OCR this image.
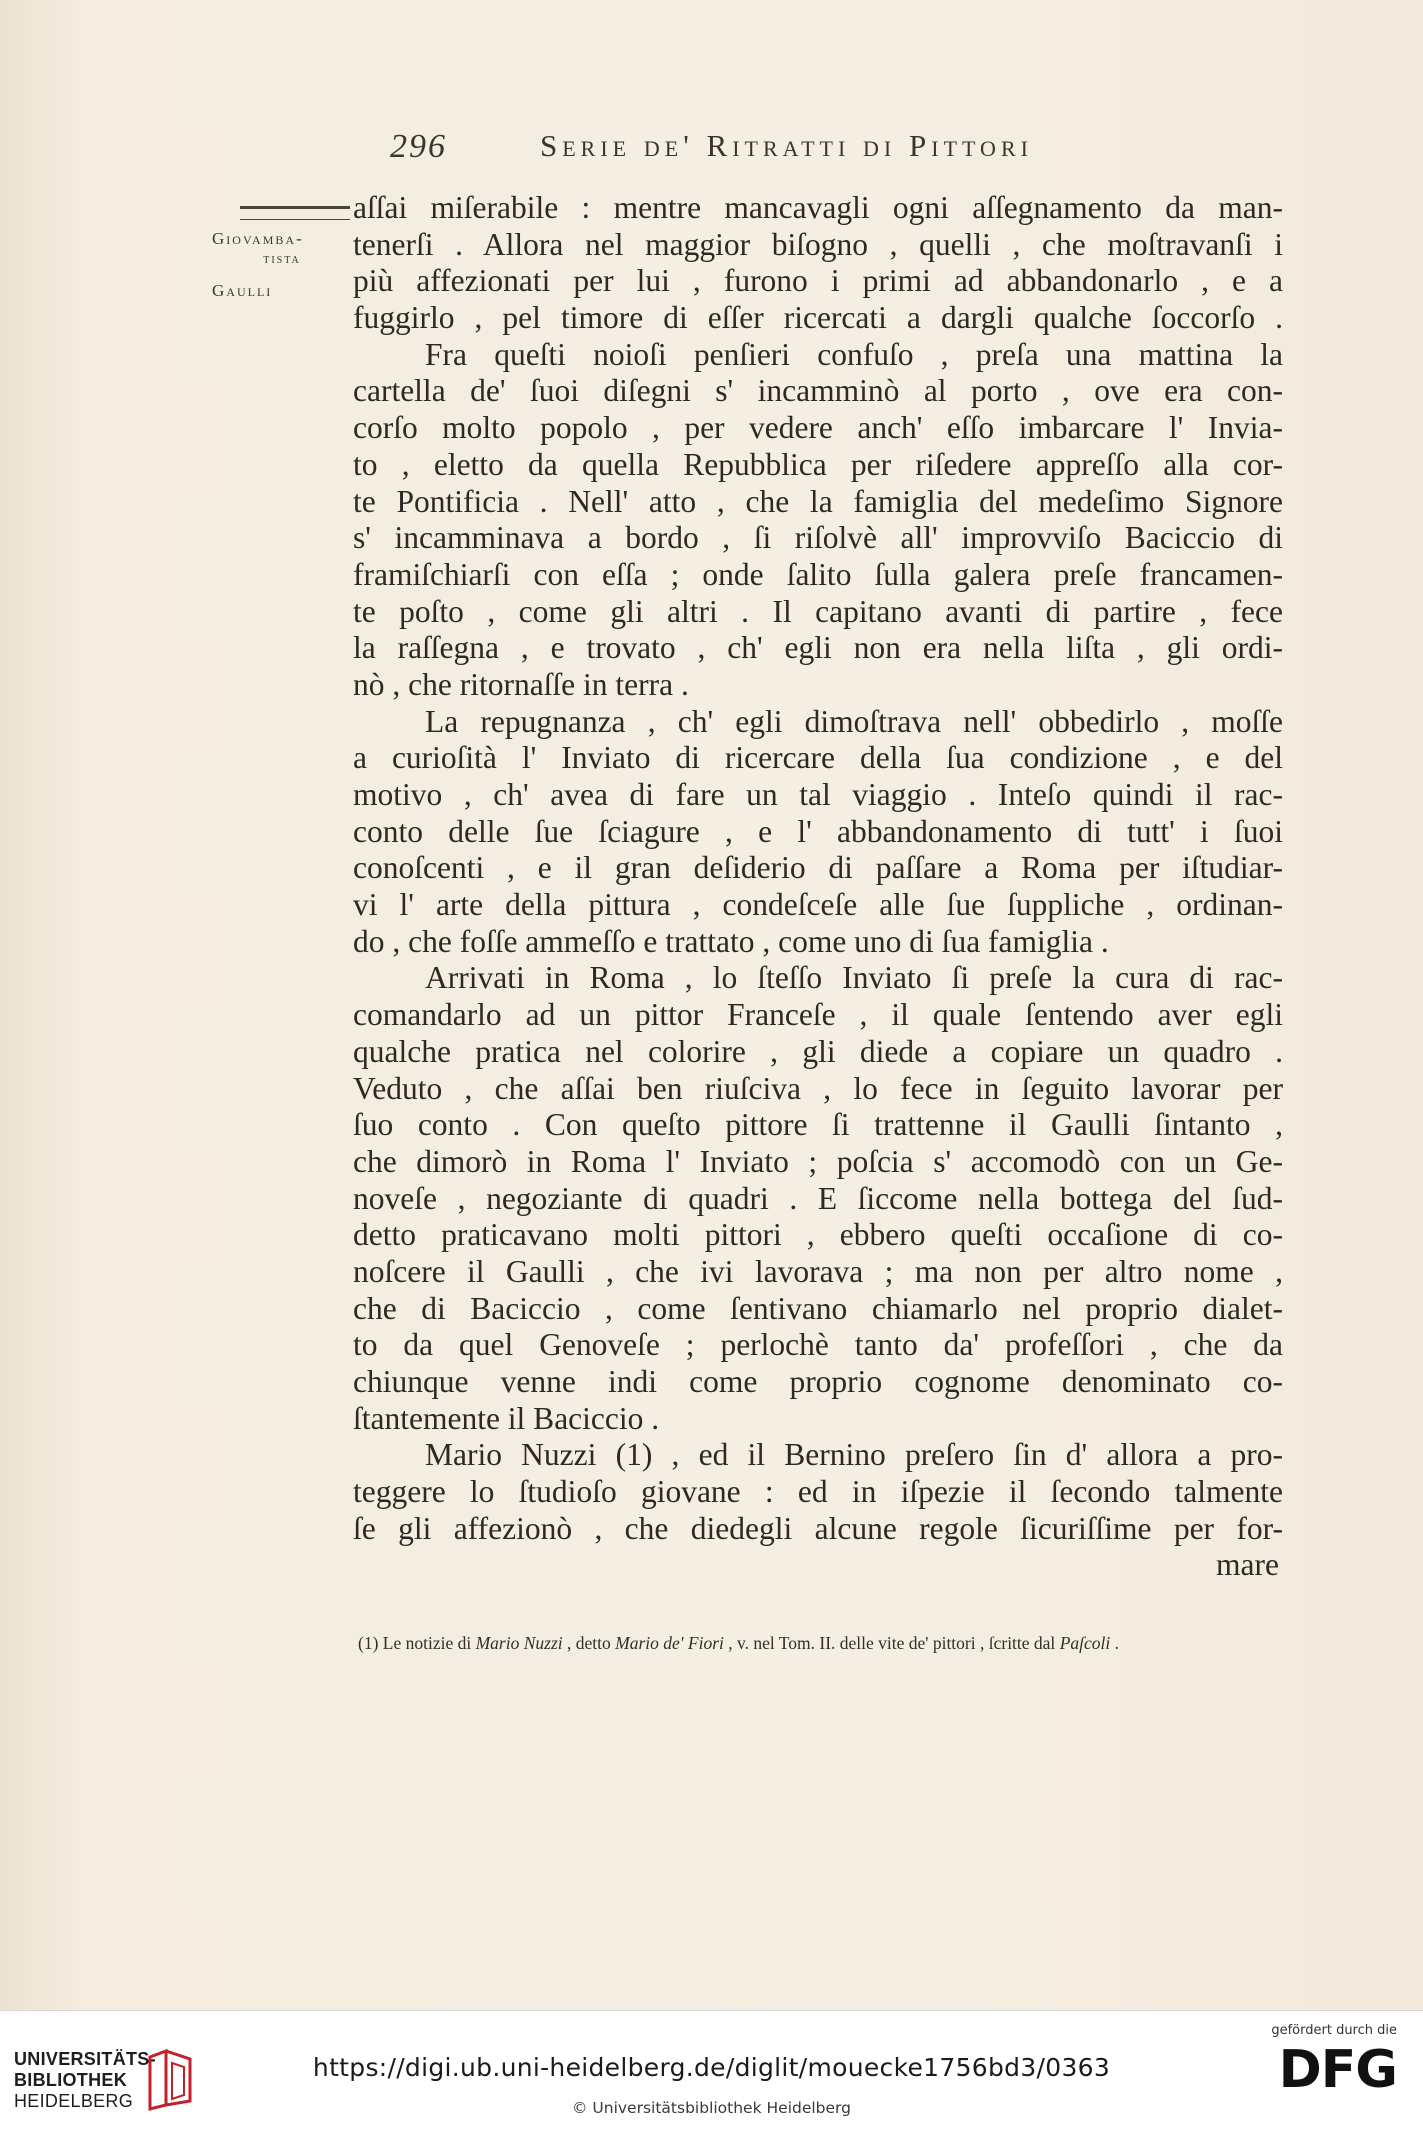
296	Serie de' Ritratti di Pittori
Giovamba-
tista
Gaulli
aſſai miſerabile : mentre mancavagli ogni aſſegnamento da man-
tenerſi . Allora nel maggior biſogno , quelli , che moſtravanſi i
più affezionati per lui , furono i primi ad abbandonarlo , e a
fuggirlo , pel timore di eſſer ricercati a dargli qualche ſoccorſo .
Fra queſti noioſi penſieri confuſo , preſa una mattina la
cartella de' ſuoi diſegni s' incamminò al porto , ove era con-
corſo molto popolo , per vedere anch' eſſo imbarcare l' Invia-
to , eletto da quella Repubblica per riſedere appreſſo alla cor-
te Pontificia . Nell' atto , che la famiglia del medeſimo Signore
s' incamminava a bordo , ſi riſolvè all' improvviſo Baciccio di
framiſchiarſi con eſſa ; onde ſalito ſulla galera preſe francamen-
te poſto , come gli altri . Il capitano avanti di partire , fece
la raſſegna , e trovato , ch' egli non era nella liſta , gli ordi-
nò , che ritornaſſe in terra .
La repugnanza , ch' egli dimoſtrava nell' obbedirlo , moſſe
a curioſità l' Inviato di ricercare della ſua condizione , e del
motivo , ch' avea di fare un tal viaggio . Inteſo quindi il rac-
conto delle ſue ſciagure , e l' abbandonamento di tutt' i ſuoi
conoſcenti , e il gran deſiderio di paſſare a Roma per iſtudiar-
vi l' arte della pittura , condeſceſe alle ſue ſuppliche , ordinan-
do , che foſſe ammeſſo e trattato , come uno di ſua famiglia .
Arrivati in Roma , lo ſteſſo Inviato ſi preſe la cura di rac-
comandarlo ad un pittor Franceſe , il quale ſentendo aver egli
qualche pratica nel colorire , gli diede a copiare un quadro .
Veduto , che aſſai ben riuſciva , lo fece in ſeguito lavorar per
ſuo conto . Con queſto pittore ſi trattenne il Gaulli ſintanto ,
che dimorò in Roma l' Inviato ; poſcia s' accomodò con un Ge-
noveſe , negoziante di quadri . E ſiccome nella bottega del ſud-
detto praticavano molti pittori , ebbero queſti occaſione di co-
noſcere il Gaulli , che ivi lavorava ; ma non per altro nome ,
che di Baciccio , come ſentivano chiamarlo nel proprio dialet-
to da quel Genoveſe ; perlochè tanto da' profeſſori , che da
chiunque venne indi come proprio cognome denominato co-
ſtantemente il Baciccio .
Mario Nuzzi (1) , ed il Bernino preſero ſin d' allora a pro-
teggere lo ſtudioſo giovane : ed in iſpezie il ſecondo talmente
ſe gli affezionò , che diedegli alcune regole ſicuriſſime per for-
mare
(1) Le notizie di Mario Nuzzi , detto Mario de' Fiori , v. nel Tom. II. delle vite de' pittori , ſcritte dal Paſcoli .
UNIVERSITÄTS-
BIBLIOTHEK
HEIDELBERG
https://digi.ub.uni-heidelberg.de/diglit/mouecke1756bd3/0363
© Universitätsbibliothek Heidelberg
gefördert durch die
DFG
